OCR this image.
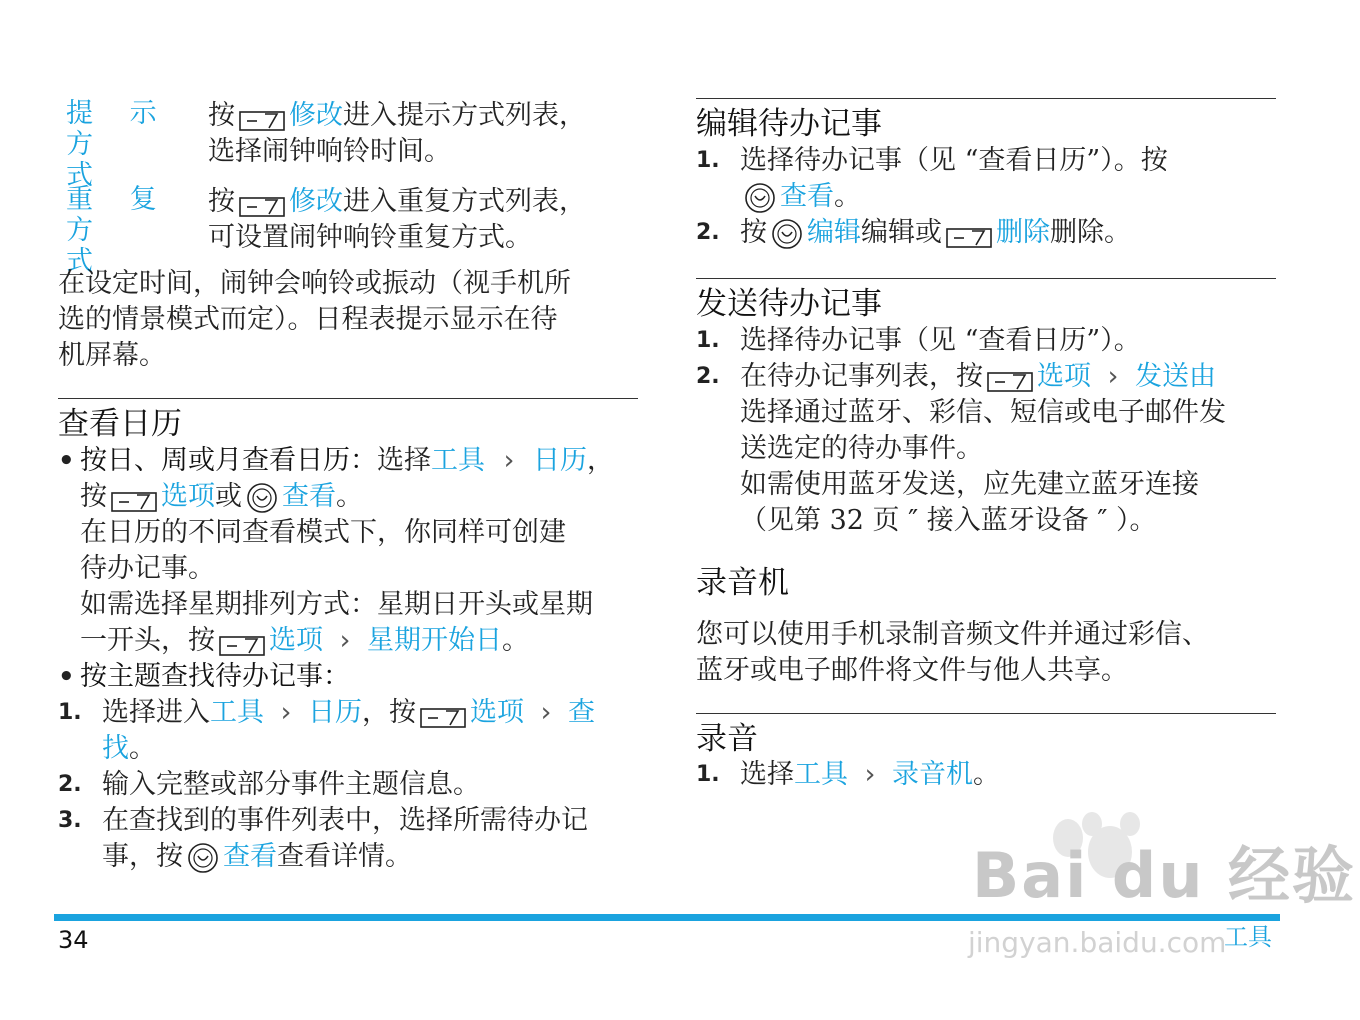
提 示 方
式
按 修改进入提示方式列表，
选择闹钟响铃时间。
重 复 方
式
按 修改进入重复方式列表，
可设置闹钟响铃重复方式。
在设定时间，闹钟会响铃或振动（视手机所
选的情景模式而定）。日程表提示显示在待
机屏幕。
查看日历
• 按日、周或月查看日历：选择工具 › 日历，
按 选项或 查看。
在日历的不同查看模式下，你同样可创建
待办记事。
如需选择星期排列方式：星期日开头或星期
一开头，按 选项 › 星期开始日。
• 按主题查找待办记事：
1. 选择进入工具 › 日历，按 选项 › 查
找。
2. 输入完整或部分事件主题信息。
3. 在查找到的事件列表中，选择所需待办记
事，按 查看查看详情。
编辑待办记事
1. 选择待办记事（见 “查看日历”）。按
查看。
2. 按 编辑编辑或 删除删除。
发送待办记事
1. 选择待办记事（见 “查看日历”）。
2. 在待办记事列表，按 选项 › 发送由
选择通过蓝牙、彩信、短信或电子邮件发
送选定的待办事件。
如需使用蓝牙发送，应先建立蓝牙连接
（见第 32 页 ″ 接入蓝牙设备 ″ ）。
录音机
您可以使用手机录制音频文件并通过彩信、
蓝牙或电子邮件将文件与他人共享。
录音
1. 选择工具 › 录音机。
Bai du 经验
jingyan.baidu.com
34	工具
